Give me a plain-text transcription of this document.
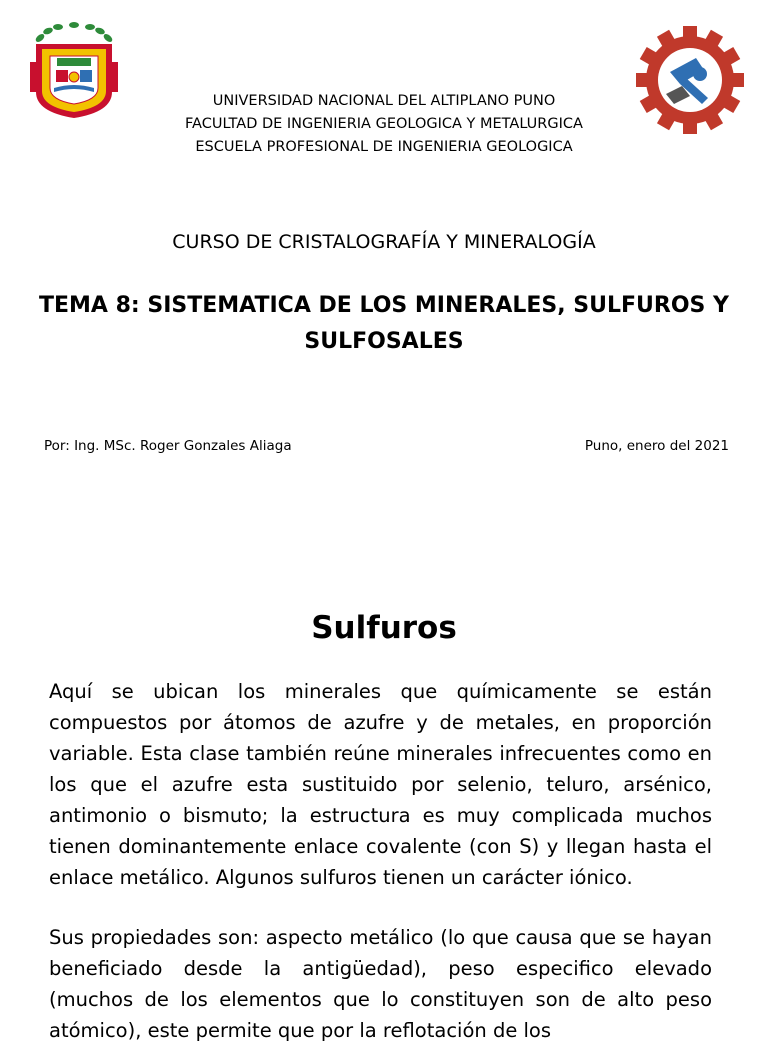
UNIVERSIDAD NACIONAL DEL ALTIPLANO PUNO
FACULTAD DE INGENIERIA GEOLOGICA Y METALURGICA
ESCUELA PROFESIONAL DE INGENIERIA GEOLOGICA
CURSO DE CRISTALOGRAFÍA Y MINERALOGÍA
TEMA 8: SISTEMATICA DE LOS MINERALES, SULFUROS Y SULFOSALES
Por: Ing. MSc. Roger Gonzales Aliaga	Puno, enero del 2021
Sulfuros

Aquí se ubican los minerales que químicamente se están compuestos por átomos de azufre y de metales, en proporción variable. Esta clase también reúne minerales infrecuentes como en los que el azufre esta sustituido por selenio, teluro, arsénico, antimonio o bismuto; la estructura es muy complicada muchos tienen dominantemente enlace covalente (con S) y llegan hasta el enlace metálico. Algunos sulfuros tienen un carácter iónico.

Sus propiedades son: aspecto metálico (lo que causa que se hayan beneficiado desde la antigüedad), peso especifico elevado (muchos de los elementos que lo constituyen son de alto peso atómico), este permite que por la reflotación de los
